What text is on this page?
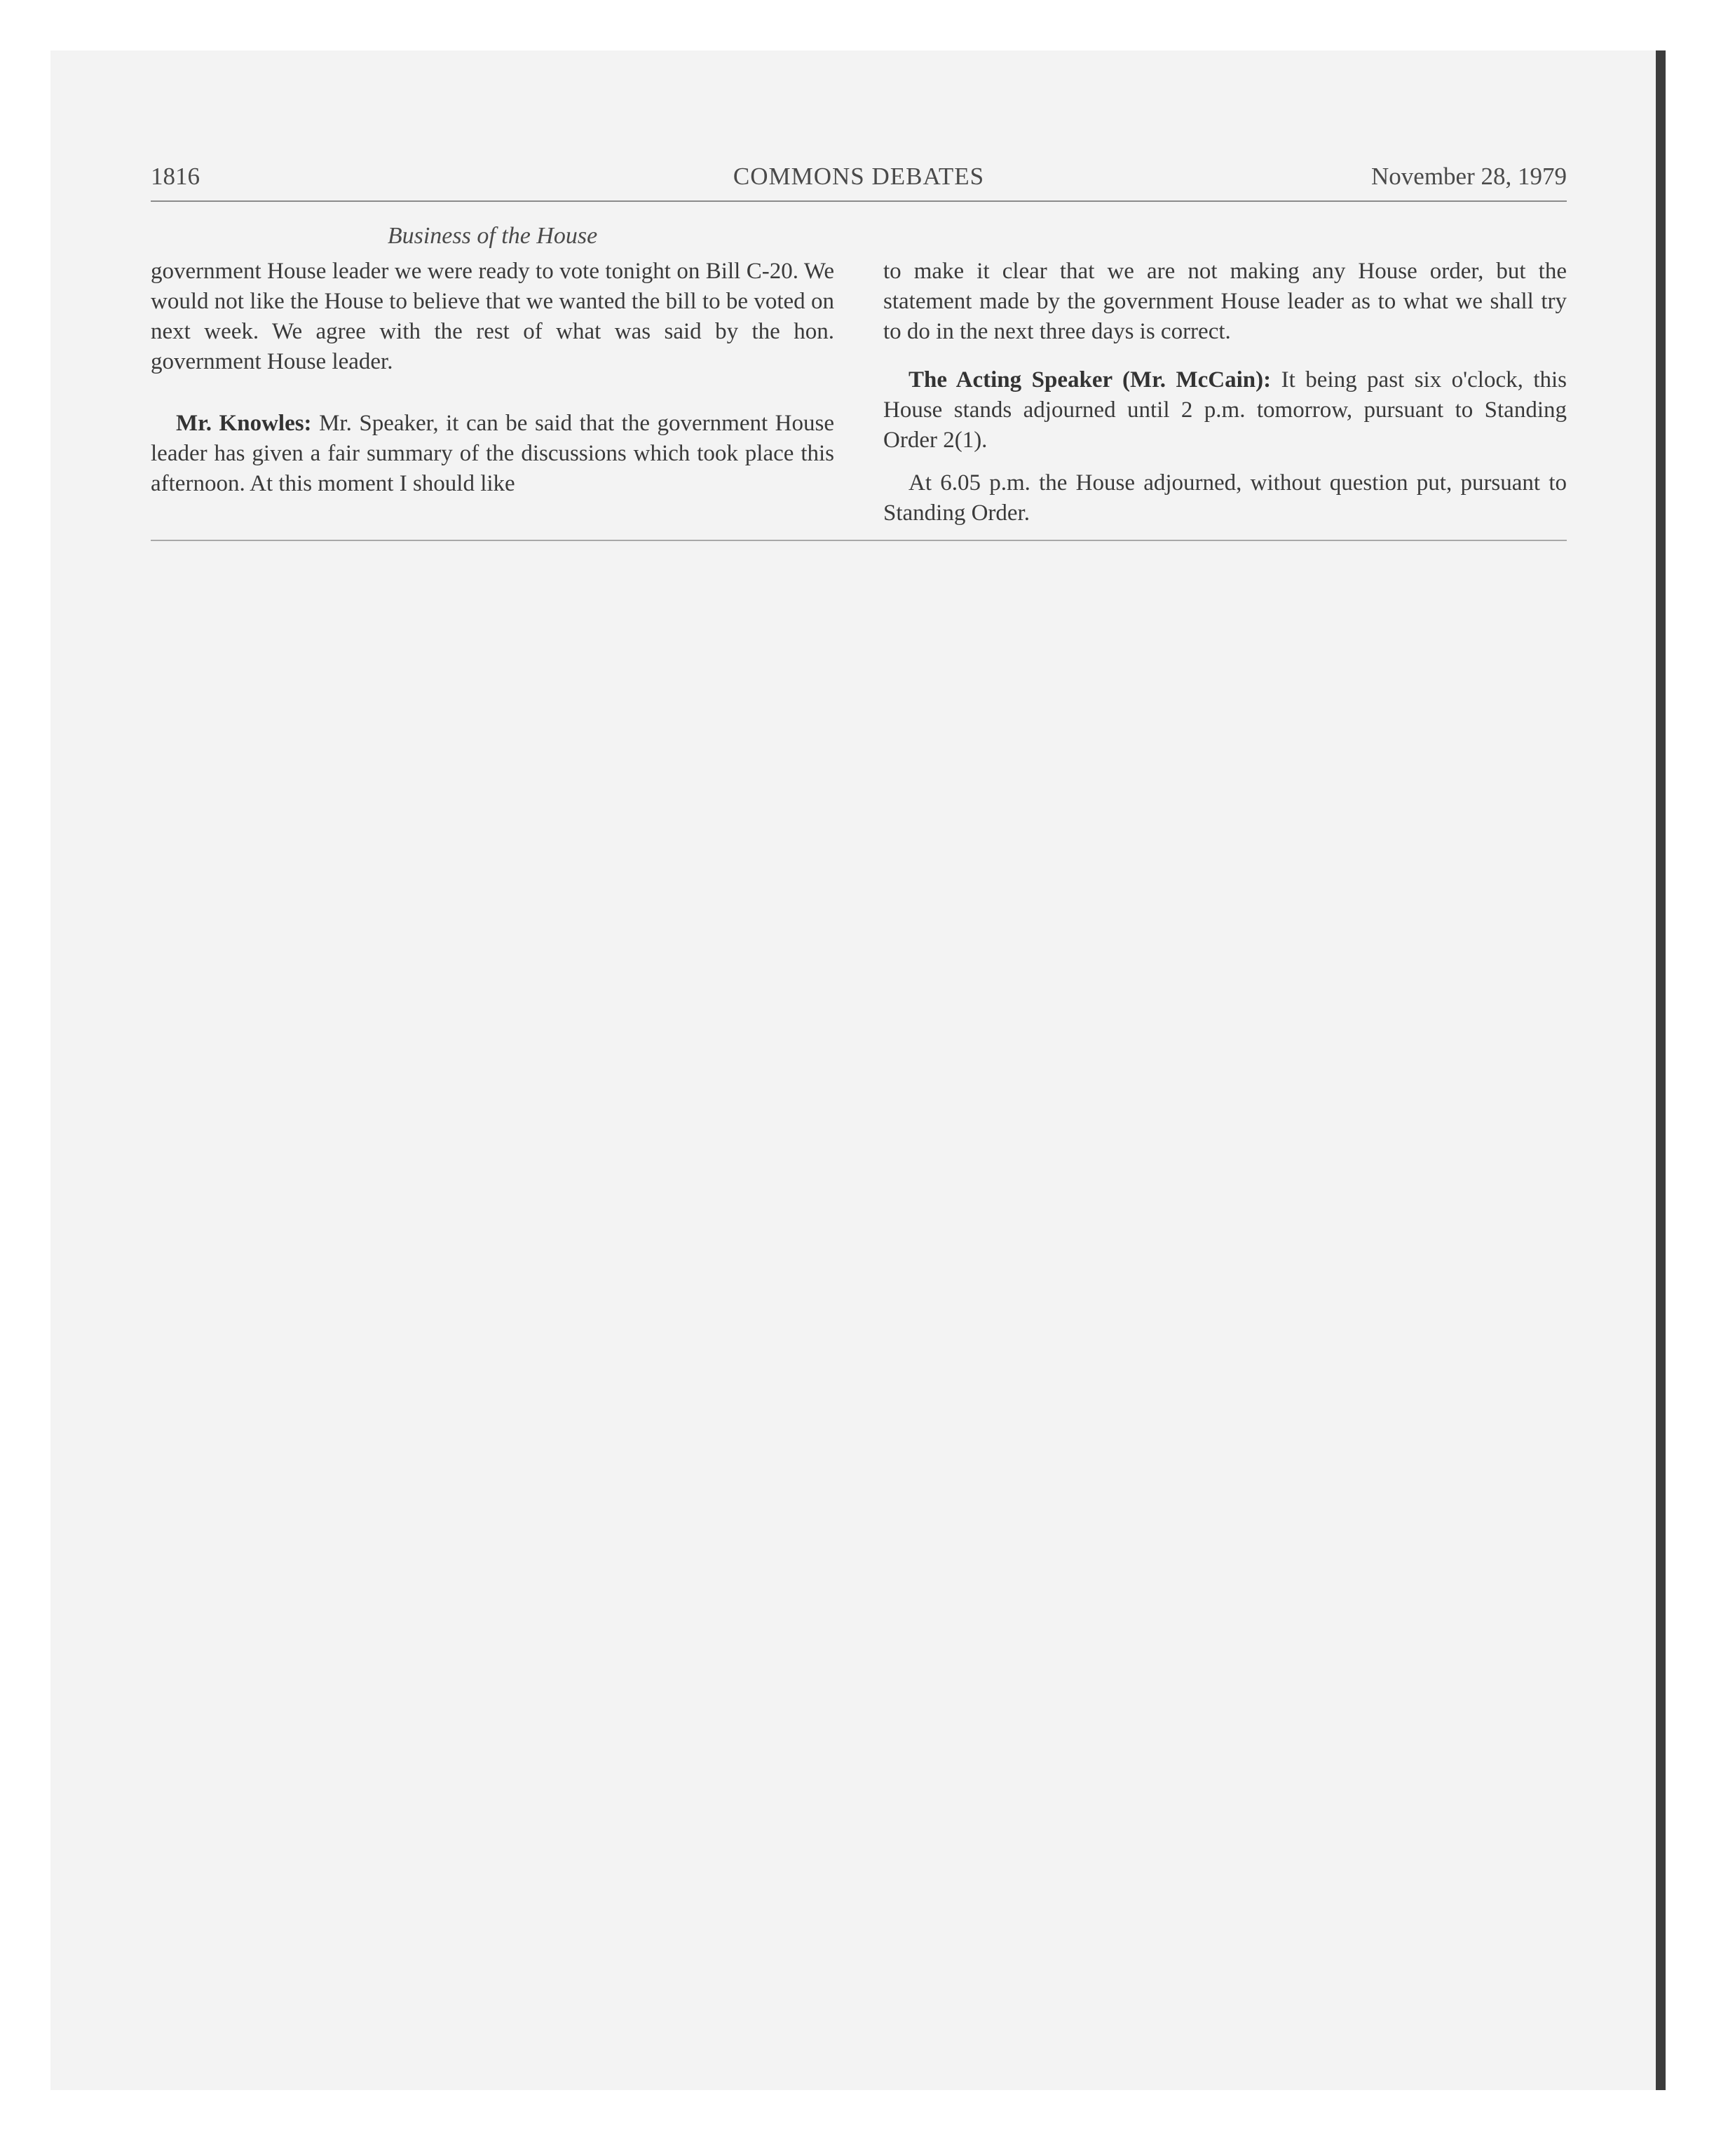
1816	COMMONS DEBATES	November 28, 1979
Business of the House

government House leader we were ready to vote tonight on Bill C-20. We would not like the House to believe that we wanted the bill to be voted on next week. We agree with the rest of what was said by the hon. government House leader.

Mr. Knowles: Mr. Speaker, it can be said that the government House leader has given a fair summary of the discussions which took place this afternoon. At this moment I should like

to make it clear that we are not making any House order, but the statement made by the government House leader as to what we shall try to do in the next three days is correct.

The Acting Speaker (Mr. McCain): It being past six o'clock, this House stands adjourned until 2 p.m. tomorrow, pursuant to Standing Order 2(1).

At 6.05 p.m. the House adjourned, without question put, pursuant to Standing Order.
